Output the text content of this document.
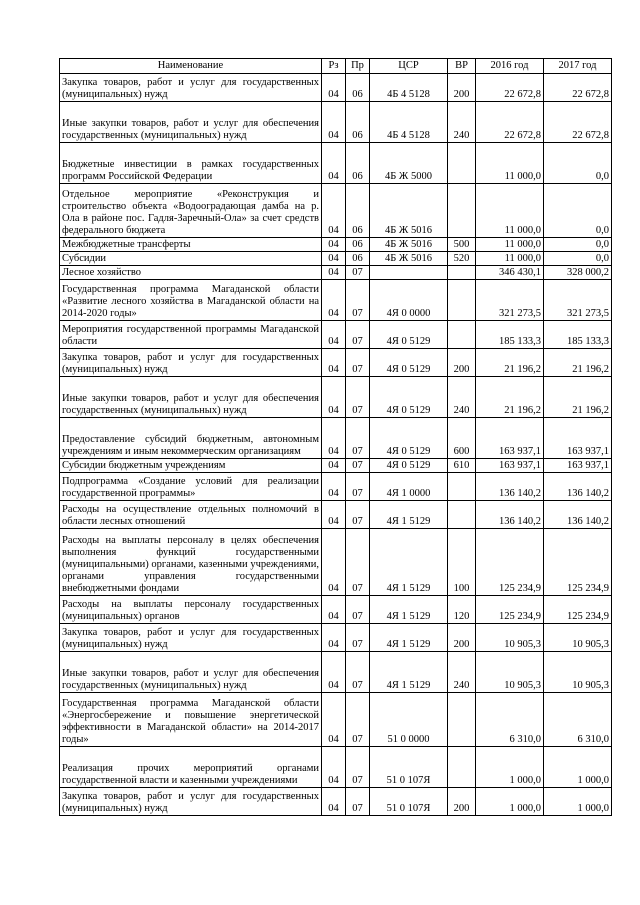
Наименование	Рз	Пр	ЦСР	ВР	2016 год	2017 год
Закупка товаров, работ и услуг для государственных (муниципальных) нужд	04	06	4Б 4 5128	200	22 672,8	22 672,8
Иные закупки товаров, работ и услуг для обеспечения государственных (муниципальных) нужд	04	06	4Б 4 5128	240	22 672,8	22 672,8
Бюджетные инвестиции в рамках государственных программ Российской Федерации	04	06	4Б Ж 5000		11 000,0	0,0
Отдельное мероприятие «Реконструкция и строительство объекта «Водооградающая дамба на р. Ола в районе пос. Гадля-Заречный-Ола» за счет средств федерального бюджета	04	06	4Б Ж 5016		11 000,0	0,0
Межбюджетные трансферты	04	06	4Б Ж 5016	500	11 000,0	0,0
Субсидии	04	06	4Б Ж 5016	520	11 000,0	0,0
Лесное хозяйство	04	07			346 430,1	328 000,2
Государственная программа Магаданской области «Развитие лесного хозяйства в Магаданской области на 2014-2020 годы»	04	07	4Я 0 0000		321 273,5	321 273,5
Мероприятия государственной программы Магаданской области	04	07	4Я 0 5129		185 133,3	185 133,3
Закупка товаров, работ и услуг для государственных (муниципальных) нужд	04	07	4Я 0 5129	200	21 196,2	21 196,2
Иные закупки товаров, работ и услуг для обеспечения государственных (муниципальных) нужд	04	07	4Я 0 5129	240	21 196,2	21 196,2
Предоставление субсидий бюджетным, автономным учреждениям и иным некоммерческим организациям	04	07	4Я 0 5129	600	163 937,1	163 937,1
Субсидии бюджетным учреждениям	04	07	4Я 0 5129	610	163 937,1	163 937,1
Подпрограмма «Создание условий для реализации государственной программы»	04	07	4Я 1 0000		136 140,2	136 140,2
Расходы на осуществление отдельных полномочий в области лесных отношений	04	07	4Я 1 5129		136 140,2	136 140,2
Расходы на выплаты персоналу в целях обеспечения выполнения функций государственными (муниципальными) органами, казенными учреждениями, органами управления государственными внебюджетными фондами	04	07	4Я 1 5129	100	125 234,9	125 234,9
Расходы на выплаты персоналу государственных (муниципальных) органов	04	07	4Я 1 5129	120	125 234,9	125 234,9
Закупка товаров, работ и услуг для государственных (муниципальных) нужд	04	07	4Я 1 5129	200	10 905,3	10 905,3
Иные закупки товаров, работ и услуг для обеспечения государственных (муниципальных) нужд	04	07	4Я 1 5129	240	10 905,3	10 905,3
Государственная программа Магаданской области «Энергосбережение и повышение энергетической эффективности в Магаданской области» на 2014-2017 годы»	04	07	51 0 0000		6 310,0	6 310,0
Реализация прочих мероприятий органами государственной власти и казенными учреждениями	04	07	51 0 107Я		1 000,0	1 000,0
Закупка товаров, работ и услуг для государственных (муниципальных) нужд	04	07	51 0 107Я	200	1 000,0	1 000,0
